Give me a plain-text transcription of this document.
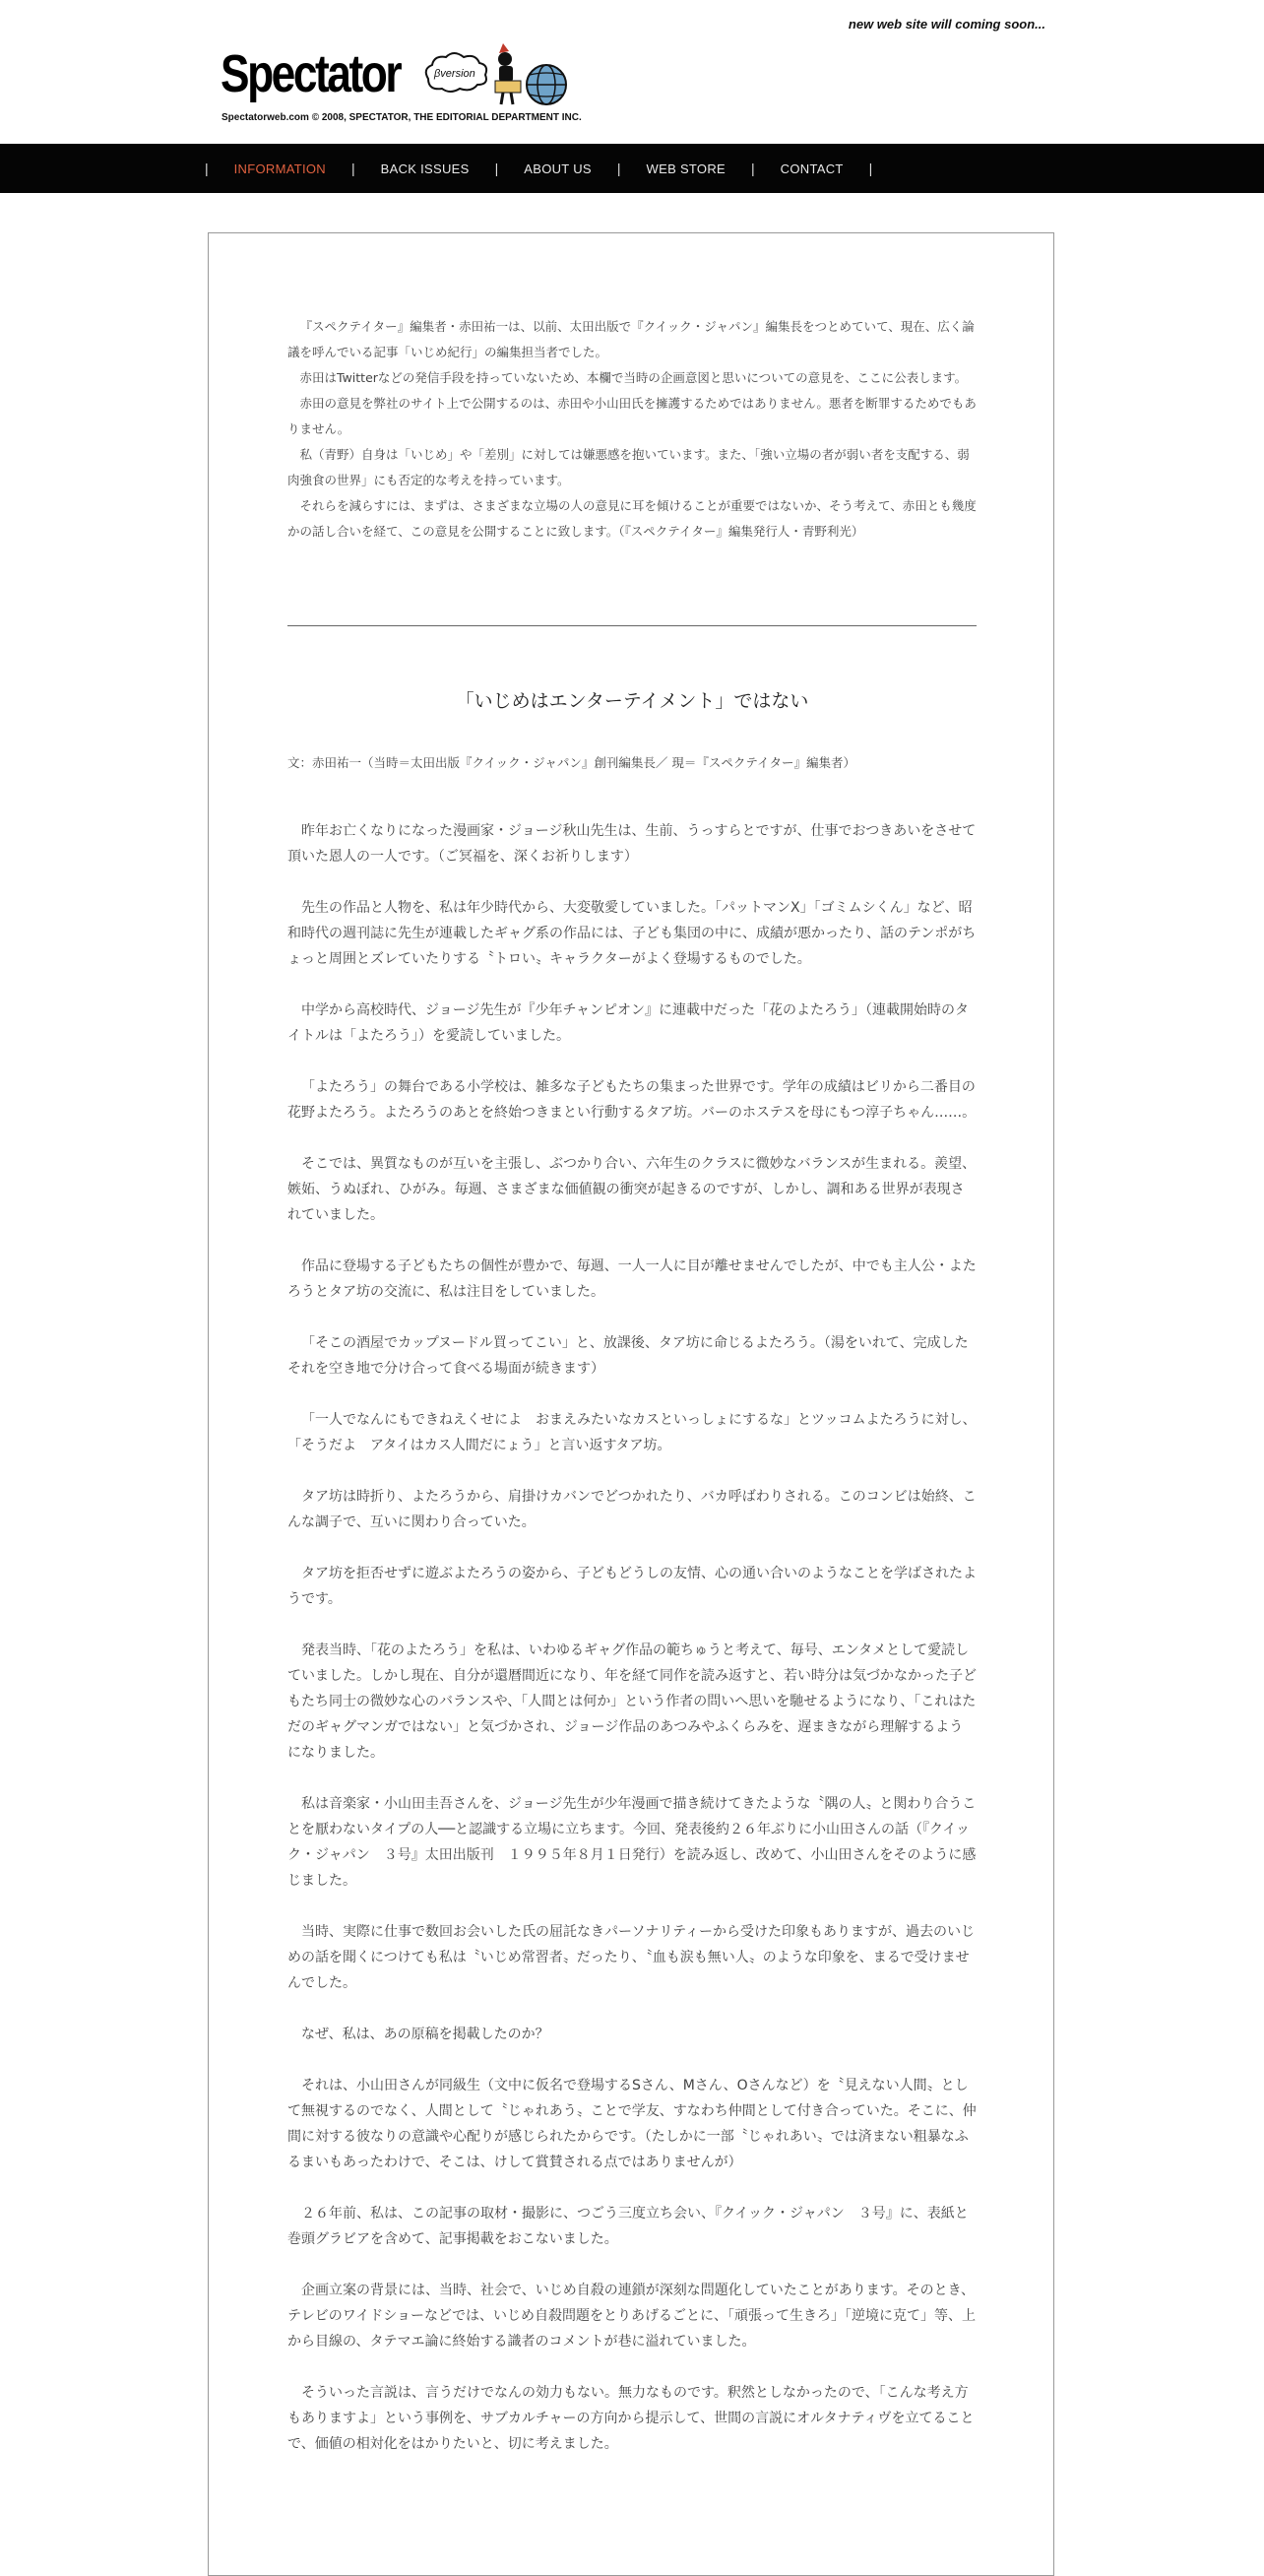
new web site will coming soon...
Spectator	βversion
Spectatorweb.com © 2008, SPECTATOR, THE EDITORIAL DEPARTMENT INC.
|	INFORMATION	|	BACK ISSUES	|	ABOUT US	|	WEB STORE	|	CONTACT	|

『スペクテイター』編集者・赤田祐一は、以前、太田出版で『クイック・ジャパン』編集長をつとめていて、現在、広く論議を呼んでいる記事「いじめ紀行」の編集担当者でした。

赤田はTwitterなどの発信手段を持っていないため、本欄で当時の企画意図と思いについての意見を、ここに公表します。

赤田の意見を弊社のサイト上で公開するのは、赤田や小山田氏を擁護するためではありません。悪者を断罪するためでもありません。

私（青野）自身は「いじめ」や「差別」に対しては嫌悪感を抱いています。また、「強い立場の者が弱い者を支配する、弱肉強食の世界」にも否定的な考えを持っています。

それらを減らすには、まずは、さまざまな立場の人の意見に耳を傾けることが重要ではないか、そう考えて、赤田とも幾度かの話し合いを経て、この意見を公開することに致します。（『スペクテイター』編集発行人・青野利光）

「いじめはエンターテイメント」ではない
文：赤田祐一（当時＝太田出版『クイック・ジャパン』創刊編集長／ 現＝『スペクテイター』編集者）

昨年お亡くなりになった漫画家・ジョージ秋山先生は、生前、うっすらとですが、仕事でおつきあいをさせて頂いた恩人の一人です。（ご冥福を、深くお祈りします）

先生の作品と人物を、私は年少時代から、大変敬愛していました。「パットマンX」「ゴミムシくん」など、昭和時代の週刊誌に先生が連載したギャグ系の作品には、子ども集団の中に、成績が悪かったり、話のテンポがちょっと周囲とズレていたりする〝トロい〟キャラクターがよく登場するものでした。

中学から高校時代、ジョージ先生が『少年チャンピオン』に連載中だった「花のよたろう」（連載開始時のタイトルは「よたろう」）を愛読していました。

「よたろう」の舞台である小学校は、雑多な子どもたちの集まった世界です。学年の成績はビリから二番目の花野よたろう。よたろうのあとを終始つきまとい行動するタア坊。バーのホステスを母にもつ淳子ちゃん……。

そこでは、異質なものが互いを主張し、ぶつかり合い、六年生のクラスに微妙なバランスが生まれる。羨望、嫉妬、うぬぼれ、ひがみ。毎週、さまざまな価値観の衝突が起きるのですが、しかし、調和ある世界が表現されていました。

作品に登場する子どもたちの個性が豊かで、毎週、一人一人に目が離せませんでしたが、中でも主人公・よたろうとタア坊の交流に、私は注目をしていました。

「そこの酒屋でカップヌードル買ってこい」と、放課後、タア坊に命じるよたろう。（湯をいれて、完成したそれを空き地で分け合って食べる場面が続きます）

「一人でなんにもできねえくせによ　おまえみたいなカスといっしょにするな」とツッコムよたろうに対し、「そうだよ　アタイはカス人間だにょう」と言い返すタア坊。

タア坊は時折り、よたろうから、肩掛けカバンでどつかれたり、バカ呼ばわりされる。このコンビは始終、こんな調子で、互いに関わり合っていた。

タア坊を拒否せずに遊ぶよたろうの姿から、子どもどうしの友情、心の通い合いのようなことを学ばされたようです。

発表当時、「花のよたろう」を私は、いわゆるギャグ作品の範ちゅうと考えて、毎号、エンタメとして愛読していました。しかし現在、自分が還暦間近になり、年を経て同作を読み返すと、若い時分は気づかなかった子どもたち同士の微妙な心のバランスや、「人間とは何か」という作者の問いへ思いを馳せるようになり、「これはただのギャグマンガではない」と気づかされ、ジョージ作品のあつみやふくらみを、遅まきながら理解するようになりました。

私は音楽家・小山田圭吾さんを、ジョージ先生が少年漫画で描き続けてきたような〝隅の人〟と関わり合うことを厭わないタイプの人──と認識する立場に立ちます。今回、発表後約２６年ぶりに小山田さんの話（『クイック・ジャパン　３号』太田出版刊　１９９５年８月１日発行）を読み返し、改めて、小山田さんをそのように感じました。

当時、実際に仕事で数回お会いした氏の屈託なきパーソナリティーから受けた印象もありますが、過去のいじめの話を聞くにつけても私は〝いじめ常習者〟だったり、〝血も涙も無い人〟のような印象を、まるで受けませんでした。

なぜ、私は、あの原稿を掲載したのか？

それは、小山田さんが同級生（文中に仮名で登場するSさん、Mさん、Oさんなど）を〝見えない人間〟として無視するのでなく、人間として〝じゃれあう〟ことで学友、すなわち仲間として付き合っていた。そこに、仲間に対する彼なりの意識や心配りが感じられたからです。（たしかに一部〝じゃれあい〟では済まない粗暴なふるまいもあったわけで、そこは、けして賞賛される点ではありませんが）

２６年前、私は、この記事の取材・撮影に、つごう三度立ち会い、『クイック・ジャパン　３号』に、表紙と巻頭グラビアを含めて、記事掲載をおこないました。

企画立案の背景には、当時、社会で、いじめ自殺の連鎖が深刻な問題化していたことがあります。そのとき、テレビのワイドショーなどでは、いじめ自殺問題をとりあげるごとに、「頑張って生きろ」「逆境に克て」等、上から目線の、タテマエ論に終始する識者のコメントが巷に溢れていました。

そういった言説は、言うだけでなんの効力もない。無力なものです。釈然としなかったので、「こんな考え方もありますよ」という事例を、サブカルチャーの方向から提示して、世間の言説にオルタナティヴを立てることで、価値の相対化をはかりたいと、切に考えました。
